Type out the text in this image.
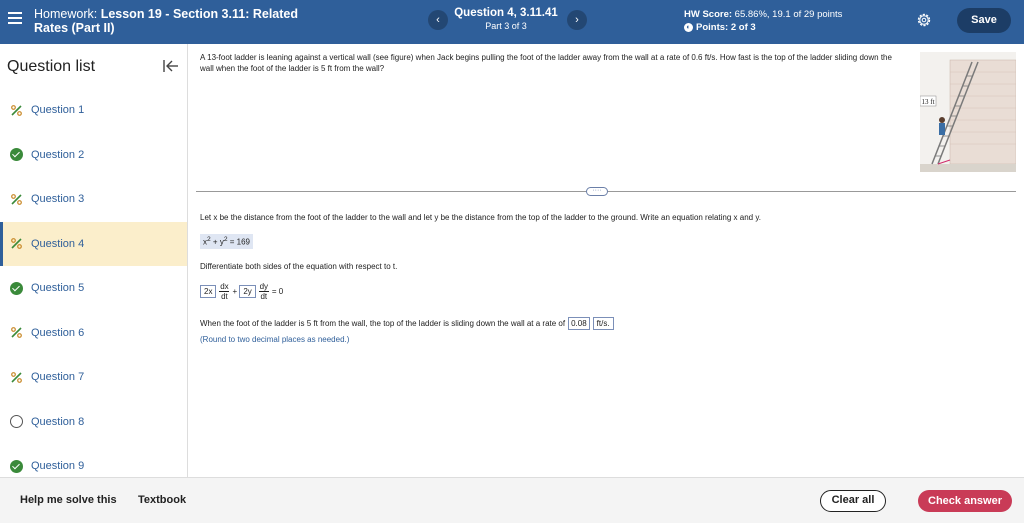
Homework: Lesson 19 - Section 3.11: Related
Rates (Part II)
‹
Question 4, 3.11.41
Part 3 of 3	›	HW Score: 65.86%, 19.1 of 29 points
◐ Points: 2 of 3
Save
Question list
Question 1
Question 2
Question 3
Question 4
Question 5
Question 6
Question 7
Question 8
Question 9
A 13-foot ladder is leaning against a vertical wall (see figure) when Jack begins pulling the foot of the ladder away from the wall at a rate of 0.6 ft/s. How fast is the top of the ladder sliding down the wall when the foot of the ladder is 5 ft from the wall?
13 ft
····
Let x be the distance from the foot of the ladder to the wall and let y be the distance from the top of the ladder to the ground. Write an equation relating x and y.
$x^2 + y^2 = 169$
Differentiate both sides of the equation with respect to t.
$2x \frac{dx}{dt}$ +
$2y \frac{dy}{dt} = 0$
When the foot of the ladder is 5 ft from the wall, the top of the ladder is sliding down the wall at a rate of 0.08	ft/s.
(Round to two decimal places as needed.)
Help me solve this Textbook	Clear all	Check answer
